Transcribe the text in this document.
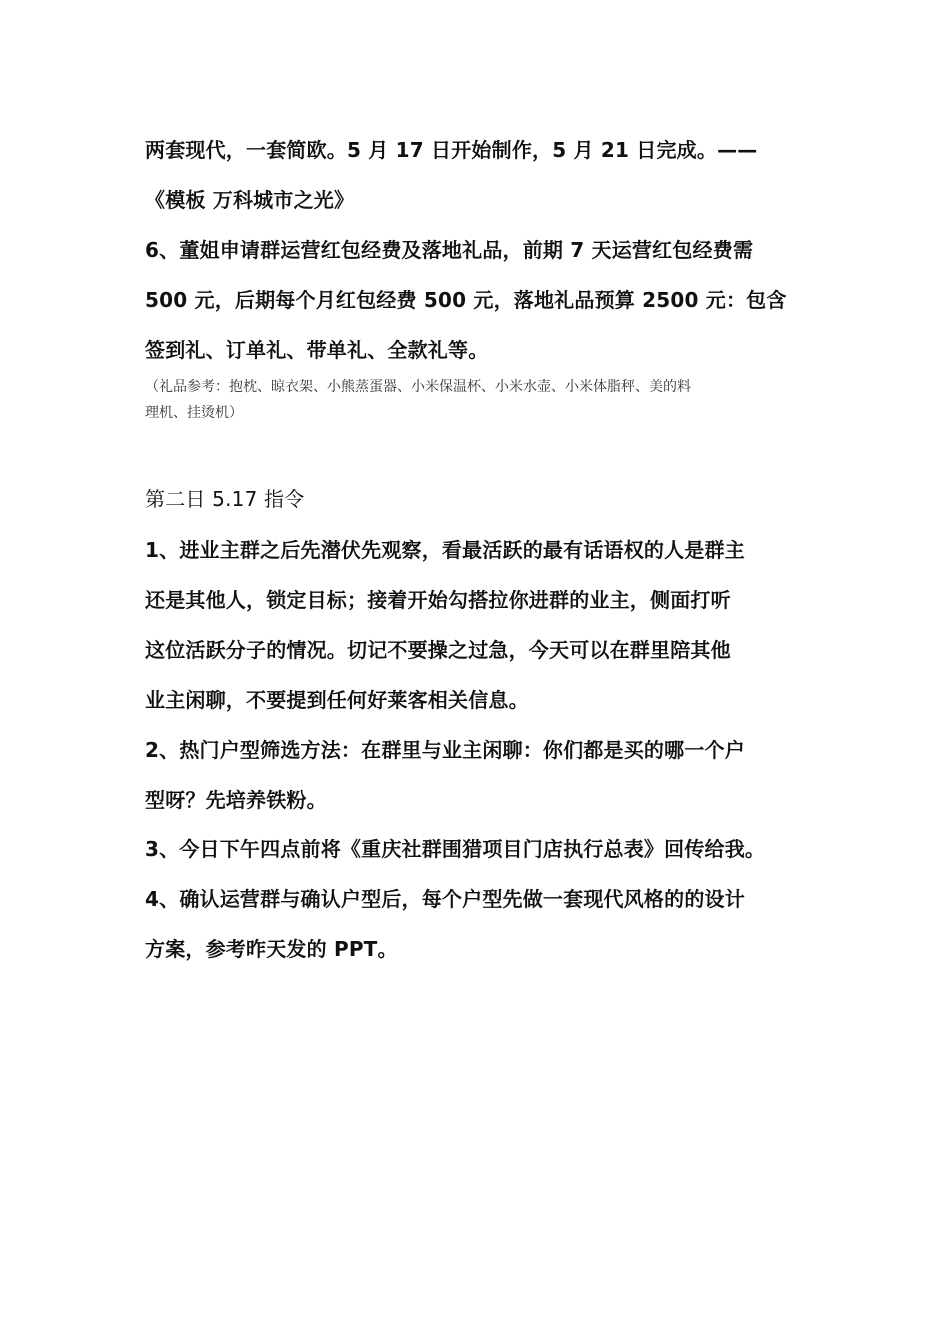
两套现代，一套简欧。5 月 17 日开始制作，5 月 21 日完成。——
《模板 万科城市之光》
6、董姐申请群运营红包经费及落地礼品，前期 7 天运营红包经费需
500 元，后期每个月红包经费 500 元，落地礼品预算 2500 元：包含
签到礼、订单礼、带单礼、全款礼等。
（礼品参考：抱枕、晾衣架、小熊蒸蛋器、小米保温杯、小米水壶、小米体脂秤、美的料
理机、挂烫机）
第二日 5.17 指令
1、进业主群之后先潜伏先观察，看最活跃的最有话语权的人是群主
还是其他人，锁定目标；接着开始勾搭拉你进群的业主，侧面打听
这位活跃分子的情况。切记不要操之过急，今天可以在群里陪其他
业主闲聊，不要提到任何好莱客相关信息。
2、热门户型筛选方法：在群里与业主闲聊：你们都是买的哪一个户
型呀？先培养铁粉。
3、今日下午四点前将《重庆社群围猎项目门店执行总表》回传给我。
4、确认运营群与确认户型后，每个户型先做一套现代风格的的设计
方案，参考昨天发的 PPT。
